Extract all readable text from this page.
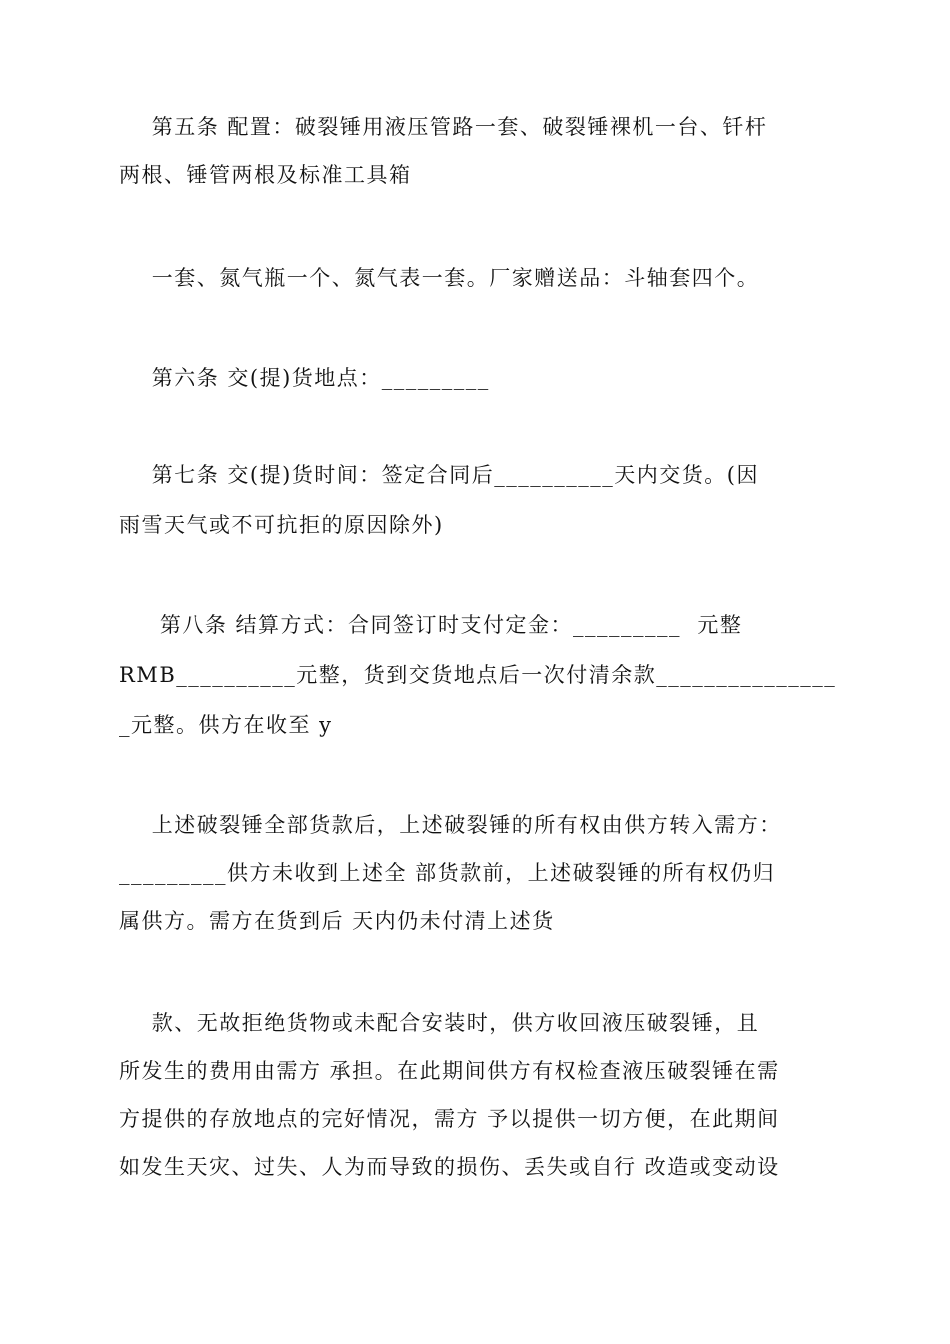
第五条 配置：破裂锤用液压管路一套、破裂锤裸机一台、钎杆
两根、锤管两根及标准工具箱
一套、氮气瓶一个、氮气表一套。厂家赠送品：斗轴套四个。
第六条 交(提)货地点：_________
第七条 交(提)货时间：签定合同后__________天内交货。(因
雨雪天气或不可抗拒的原因除外)
第八条 结算方式：合同签订时支付定金：_________  元整
RMB__________元整，货到交货地点后一次付清余款_______________
_元整。供方在收至 y
上述破裂锤全部货款后，上述破裂锤的所有权由供方转入需方：
_________供方未收到上述全 部货款前，上述破裂锤的所有权仍归
属供方。需方在货到后 天内仍未付清上述货
款、无故拒绝货物或未配合安装时，供方收回液压破裂锤，且
所发生的费用由需方 承担。在此期间供方有权检查液压破裂锤在需
方提供的存放地点的完好情况，需方 予以提供一切方便，在此期间
如发生天灾、过失、人为而导致的损伤、丢失或自行 改造或变动设
